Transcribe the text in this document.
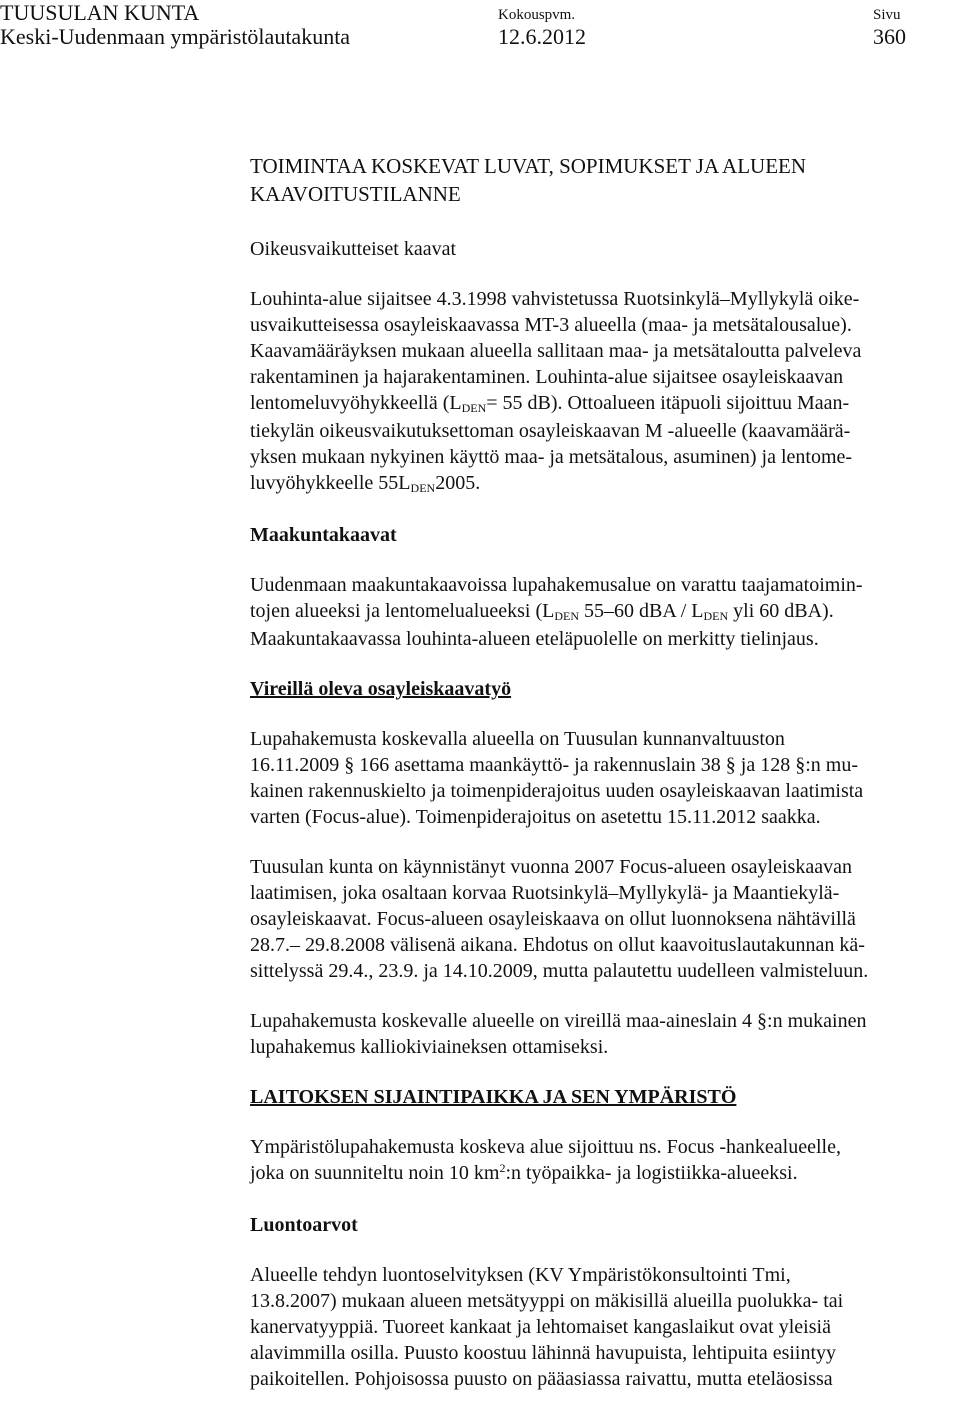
TUUSULAN KUNTA
Keski-Uudenmaan ympäristölautakunta
Kokouspvm.
12.6.2012
Sivu
360
TOIMINTAA KOSKEVAT LUVAT, SOPIMUKSET JA ALUEEN
KAAVOITUSTILANNE
Oikeusvaikutteiset kaavat
Louhinta-alue sijaitsee 4.3.1998 vahvistetussa Ruotsinkylä–Myllykylä oike-
usvaikutteisessa osayleiskaavassa MT-3 alueella (maa- ja metsätalousalue).
Kaavamääräyksen mukaan alueella sallitaan maa- ja metsätaloutta palveleva
rakentaminen ja hajarakentaminen. Louhinta-alue sijaitsee osayleiskaavan
lentomeluvyöhykkeellä ($L_{DEN}= 55$ dB). Ottoalueen itäpuoli sijoittuu Maan-
tiekylän oikeusvaikutuksettoman osayleiskaavan M -alueelle (kaavamäärä-
yksen mukaan nykyinen käyttö maa- ja metsätalous, asuminen) ja lentome-
luvyöhykkeelle $55L_{DEN}2005$.
Maakuntakaavat
Uudenmaan maakuntakaavoissa lupahakemusalue on varattu taajamatoimin-
tojen alueeksi ja lentomelualueeksi ($L_{DEN}$ 55–60 dBA / $L_{DEN}$ yli 60 dBA).
Maakuntakaavassa louhinta-alueen eteläpuolelle on merkitty tielinjaus.
Vireillä oleva osayleiskaavatyö
Lupahakemusta koskevalla alueella on Tuusulan kunnanvaltuuston
16.11.2009 § 166 asettama maankäyttö- ja rakennuslain 38 § ja 128 §:n mu-
kainen rakennuskielto ja toimenpiderajoitus uuden osayleiskaavan laatimista
varten (Focus-alue). Toimenpiderajoitus on asetettu 15.11.2012 saakka.
Tuusulan kunta on käynnistänyt vuonna 2007 Focus-alueen osayleiskaavan
laatimisen, joka osaltaan korvaa Ruotsinkylä–Myllykylä- ja Maantiekylä-
osayleiskaavat. Focus-alueen osayleiskaava on ollut luonnoksena nähtävillä
28.7.– 29.8.2008 välisenä aikana. Ehdotus on ollut kaavoituslautakunnan kä-
sittelyssä 29.4., 23.9. ja 14.10.2009, mutta palautettu uudelleen valmisteluun.
Lupahakemusta koskevalle alueelle on vireillä maa-aineslain 4 §:n mukainen
lupahakemus kalliokiviaineksen ottamiseksi.
LAITOKSEN SIJAINTIPAIKKA JA SEN YMPÄRISTÖ
Ympäristölupahakemusta koskeva alue sijoittuu ns. Focus -hankealueelle,
joka on suunniteltu noin 10 $km^2:n$ työpaikka- ja logistiikka-alueeksi.
Luontoarvot
Alueelle tehdyn luontoselvityksen (KV Ympäristökonsultointi Tmi,
13.8.2007) mukaan alueen metsätyyppi on mäkisillä alueilla puolukka- tai
kanervatyyppiä. Tuoreet kankaat ja lehtomaiset kangaslaikut ovat yleisiä
alavimmilla osilla. Puusto koostuu lähinnä havupuista, lehtipuita esiintyy
paikoitellen. Pohjoisossa puusto on pääasiassa raivattu, mutta eteläosissa
